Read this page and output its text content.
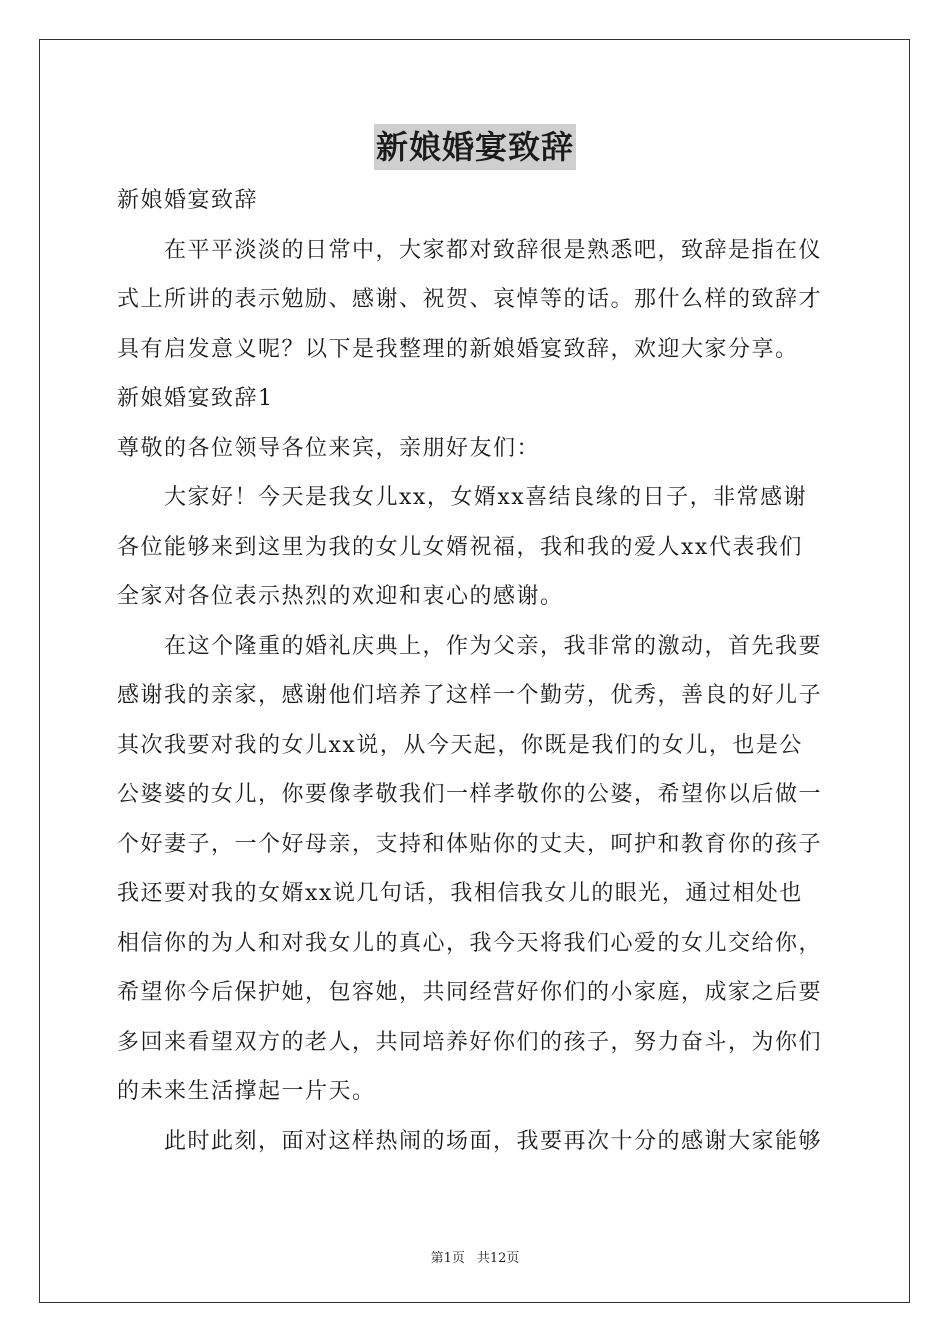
新娘婚宴致辞
新娘婚宴致辞
在平平淡淡的日常中，大家都对致辞很是熟悉吧，致辞是指在仪
式上所讲的表示勉励、感谢、祝贺、哀悼等的话。那什么样的致辞才
具有启发意义呢？以下是我整理的新娘婚宴致辞，欢迎大家分享。
新娘婚宴致辞1
尊敬的各位领导各位来宾，亲朋好友们：
大家好！今天是我女儿xx，女婿xx喜结良缘的日子，非常感谢
各位能够来到这里为我的女儿女婿祝福，我和我的爱人xx代表我们
全家对各位表示热烈的欢迎和衷心的感谢。
在这个隆重的婚礼庆典上，作为父亲，我非常的激动，首先我要
感谢我的亲家，感谢他们培养了这样一个勤劳，优秀，善良的好儿子
其次我要对我的女儿xx说，从今天起，你既是我们的女儿，也是公
公婆婆的女儿，你要像孝敬我们一样孝敬你的公婆，希望你以后做一
个好妻子，一个好母亲，支持和体贴你的丈夫，呵护和教育你的孩子
我还要对我的女婿xx说几句话，我相信我女儿的眼光，通过相处也
相信你的为人和对我女儿的真心，我今天将我们心爱的女儿交给你，
希望你今后保护她，包容她，共同经营好你们的小家庭，成家之后要
多回来看望双方的老人，共同培养好你们的孩子，努力奋斗，为你们
的未来生活撑起一片天。
此时此刻，面对这样热闹的场面，我要再次十分的感谢大家能够
第1页 共12页
